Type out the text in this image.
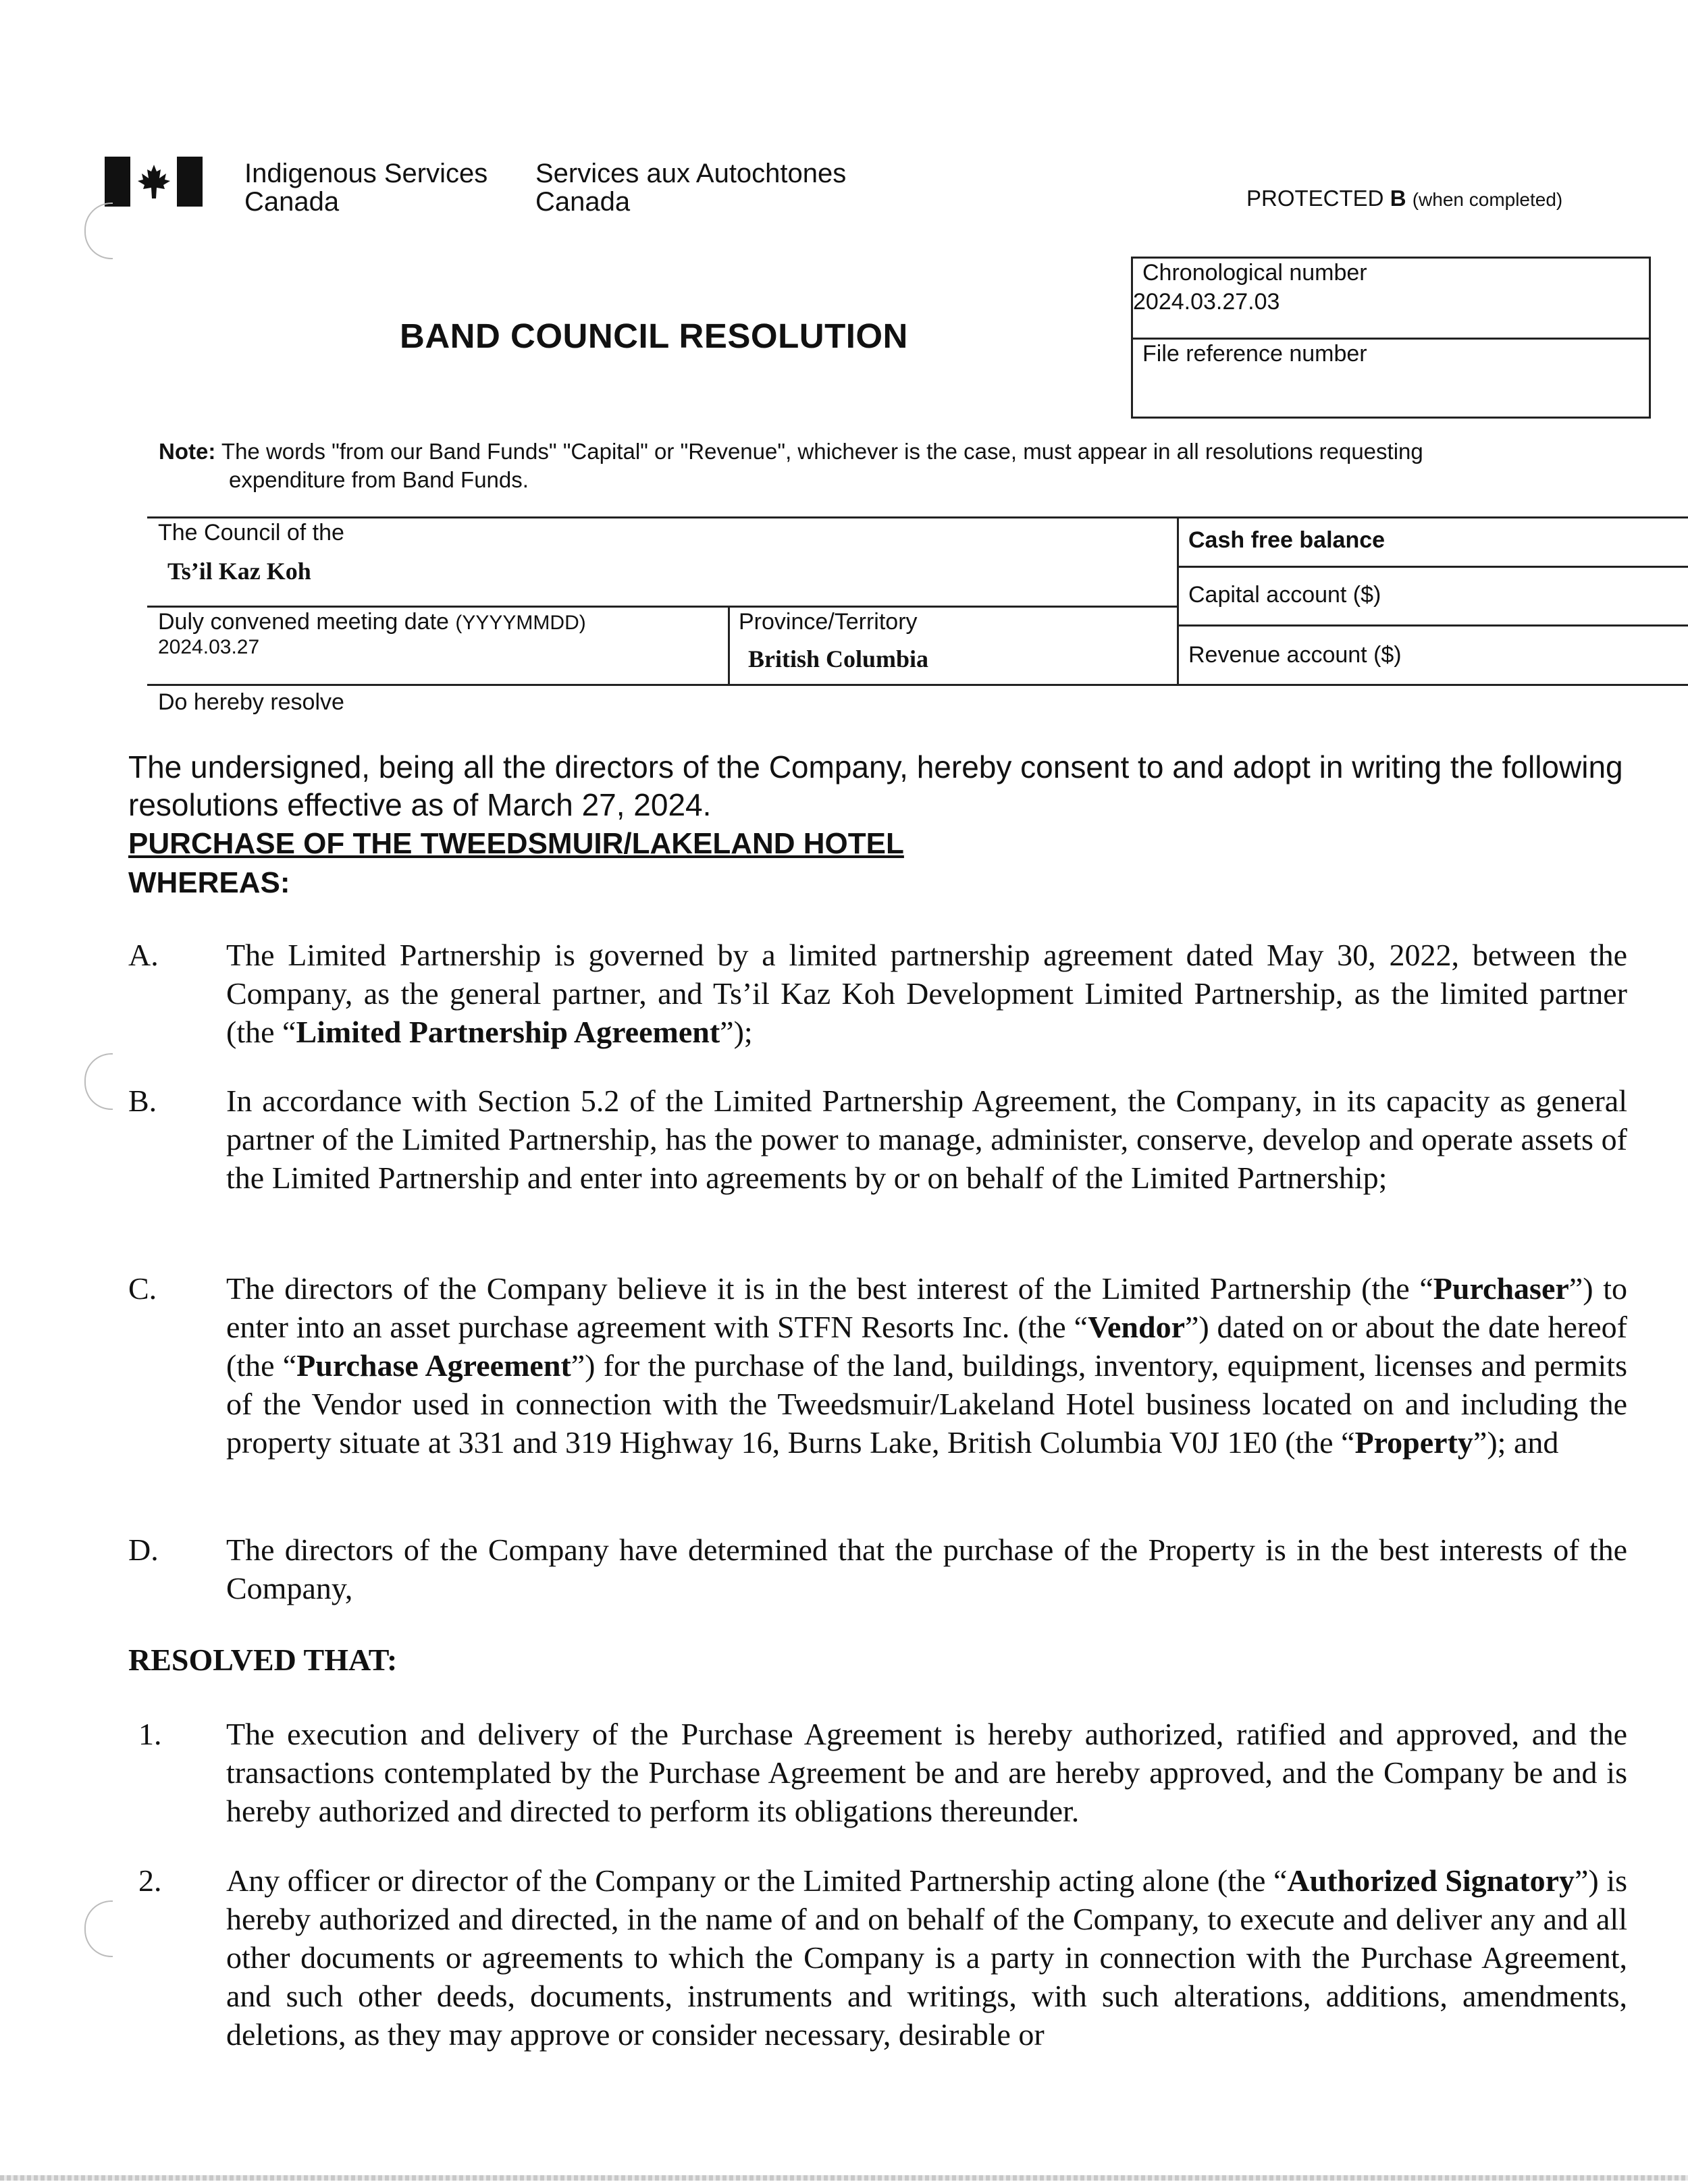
Indigenous Services
Canada
Services aux Autochtones
Canada	PROTECTED B (when completed)
BAND COUNCIL RESOLUTION
Chronological number
2024.03.27.03
File reference number
Note: The words "from our Band Funds" "Capital" or "Revenue", whichever is the case, must appear in all resolutions requesting
expenditure from Band Funds.
The Council of the
Ts’il Kaz Koh
Duly convened meeting date (YYYYMMDD)
2024.03.27
Province/Territory
British Columbia
Cash free balance
Capital account ($)
Revenue account ($)
Do hereby resolve
The undersigned, being all the directors of the Company, hereby consent to and adopt in writing the following resolutions effective as of March 27, 2024.
PURCHASE OF THE TWEEDSMUIR/LAKELAND HOTEL
WHEREAS:
A. The Limited Partnership is governed by a limited partnership agreement dated May 30, 2022, between the Company, as the general partner, and Ts’il Kaz Koh Development Limited Partnership, as the limited partner (the “Limited Partnership Agreement”);
B. In accordance with Section 5.2 of the Limited Partnership Agreement, the Company, in its capacity as general partner of the Limited Partnership, has the power to manage, administer, conserve, develop and operate assets of the Limited Partnership and enter into agreements by or on behalf of the Limited Partnership;
C. The directors of the Company believe it is in the best interest of the Limited Partnership (the “Purchaser”) to enter into an asset purchase agreement with STFN Resorts Inc. (the “Vendor”) dated on or about the date hereof (the “Purchase Agreement”) for the purchase of the land, buildings, inventory, equipment, licenses and permits of the Vendor used in connection with the Tweedsmuir/Lakeland Hotel business located on and including the property situate at 331 and 319 Highway 16, Burns Lake, British Columbia V0J 1E0 (the “Property”); and
D. The directors of the Company have determined that the purchase of the Property is in the best interests of the Company,
RESOLVED THAT:
1. The execution and delivery of the Purchase Agreement is hereby authorized, ratified and approved, and the transactions contemplated by the Purchase Agreement be and are hereby approved, and the Company be and is hereby authorized and directed to perform its obligations thereunder.
2. Any officer or director of the Company or the Limited Partnership acting alone (the “Authorized Signatory”) is hereby authorized and directed, in the name of and on behalf of the Company, to execute and deliver any and all other documents or agreements to which the Company is a party in connection with the Purchase Agreement, and such other deeds, documents, instruments and writings, with such alterations, additions, amendments, deletions, as they may approve or consider necessary, desirable or
